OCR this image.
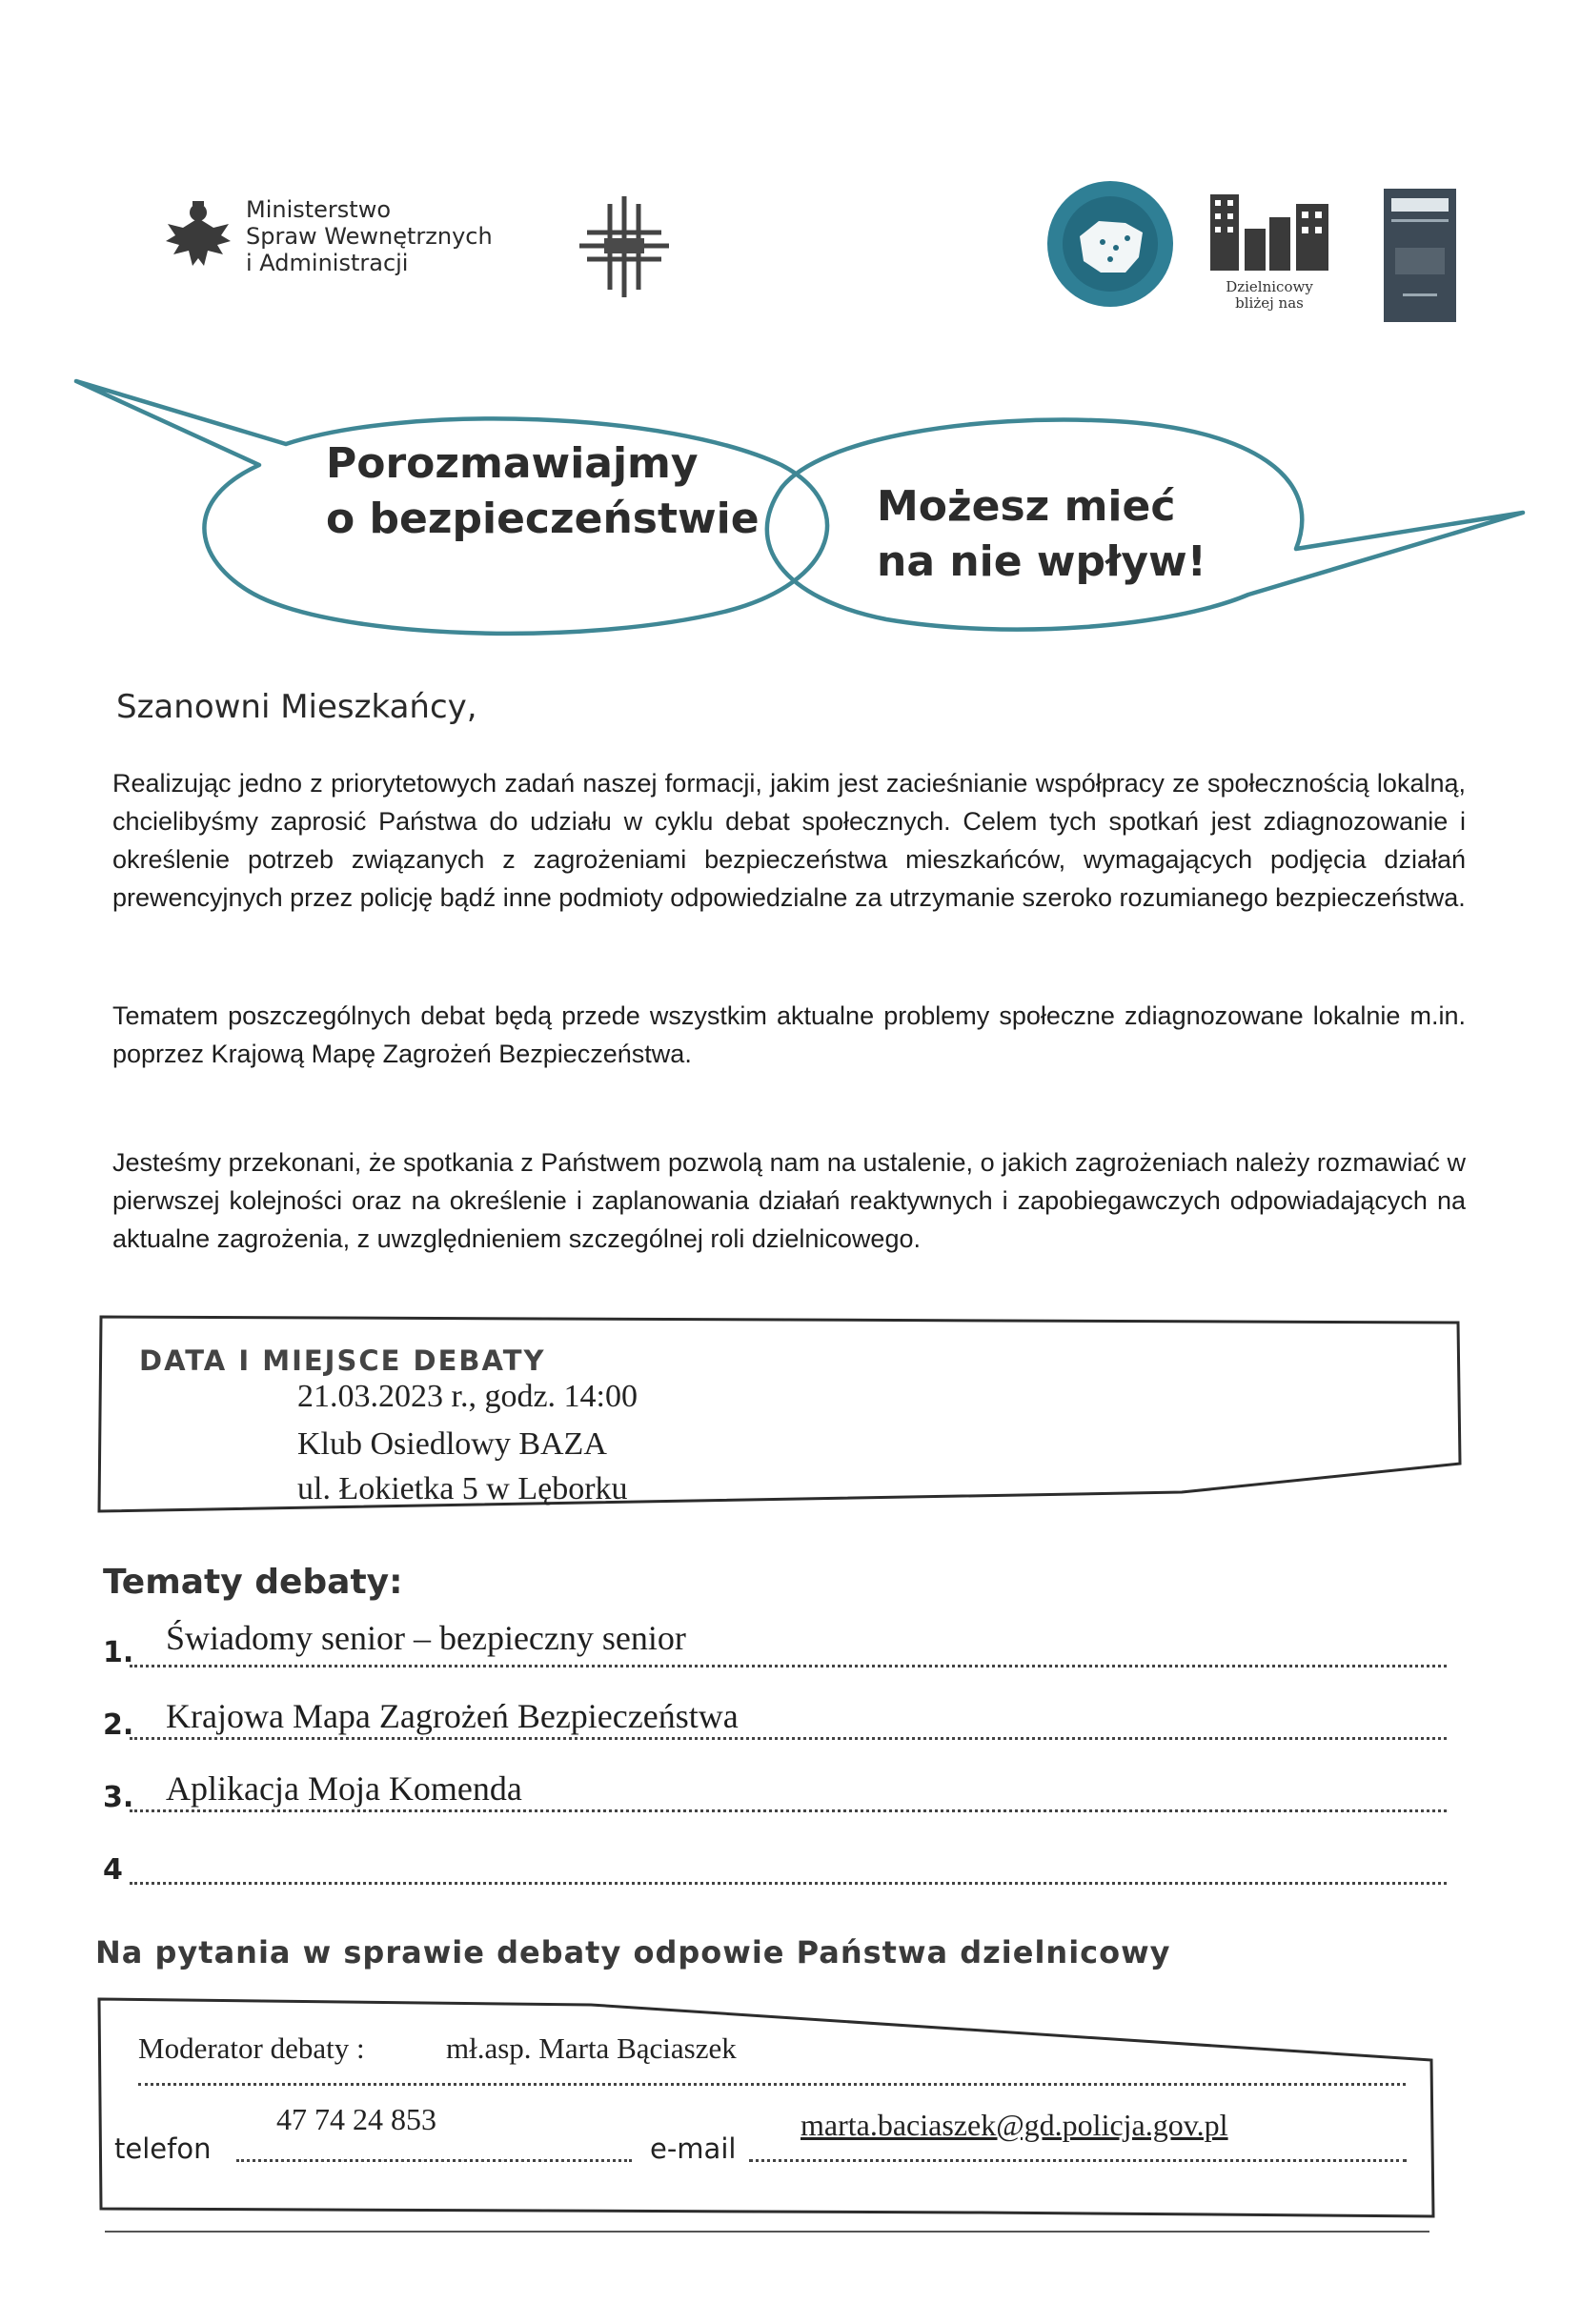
Ministerstwo
Spraw Wewnętrznych
i Administracji
Dzielnicowy
bliżej nas
Porozmawiajmy
o bezpieczeństwie	Możesz mieć
na nie wpływ!
Szanowni Mieszkańcy,
Realizując jedno z priorytetowych zadań naszej formacji, jakim jest zacieśnianie współpracy ze społecznością lokalną, chcielibyśmy zaprosić Państwa do udziału w cyklu debat społecznych. Celem tych spotkań jest zdiagnozowanie i określenie potrzeb związanych z zagrożeniami bezpieczeństwa mieszkańców, wymagających podjęcia działań prewencyjnych przez policję bądź inne podmioty odpowiedzialne za utrzymanie szeroko rozumianego bezpieczeństwa.
Tematem poszczególnych debat będą przede wszystkim aktualne problemy społeczne zdiagnozowane lokalnie m.in. poprzez Krajową Mapę Zagrożeń Bezpieczeństwa.
Jesteśmy przekonani, że spotkania z Państwem pozwolą nam na ustalenie, o jakich zagrożeniach należy rozmawiać w pierwszej kolejności oraz na określenie i zaplanowania działań reaktywnych i zapobiegawczych odpowiadających na aktualne zagrożenia, z uwzględnieniem szczególnej roli dzielnicowego.
DATA I MIEJSCE DEBATY
21.03.2023 r., godz. 14:00
Klub Osiedlowy BAZA
ul. Łokietka 5 w Lęborku
Tematy debaty:
1. Świadomy senior – bezpieczny senior
2. Krajowa Mapa Zagrożeń Bezpieczeństwa
3. Aplikacja Moja Komenda
4
Na pytania w sprawie debaty odpowie Państwa dzielnicowy
Moderator debaty :	mł.asp. Marta Bąciaszek
telefon
47 74 24 853
e-mail
marta.baciaszek@gd.policja.gov.pl
